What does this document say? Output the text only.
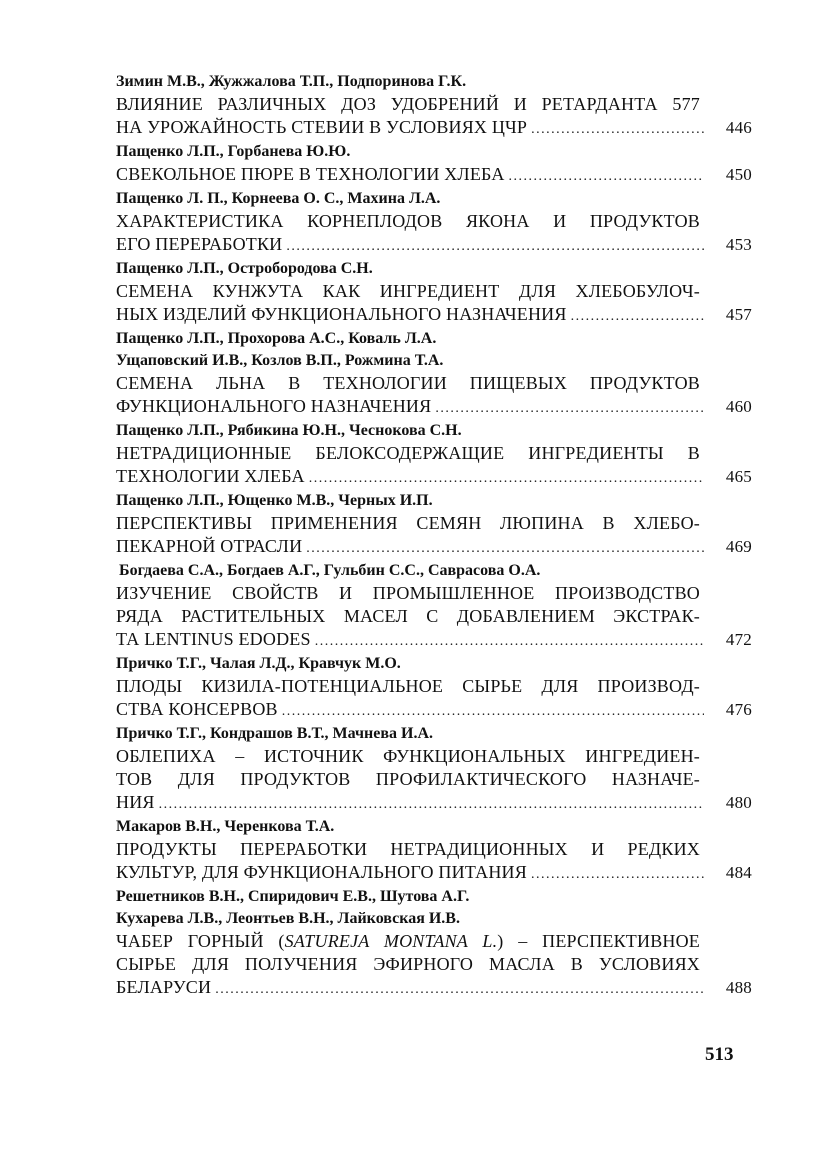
Зимин М.В., Жужжалова Т.П., Подпоринова Г.К.
ВЛИЯНИЕ РАЗЛИЧНЫХ ДОЗ УДОБРЕНИЙ И РЕТАРДАНТА 577
НА УРОЖАЙНОСТЬ СТЕВИИ В УСЛОВИЯХ ЦЧР .....	446
Пащенко Л.П., Горбанева Ю.Ю.
СВЕКОЛЬНОЕ ПЮРЕ В ТЕХНОЛОГИИ ХЛЕБА .....	450
Пащенко Л. П., Корнеева О. С., Махина Л.А.
ХАРАКТЕРИСТИКА КОРНЕПЛОДОВ ЯКОНА И ПРОДУКТОВ
ЕГО ПЕРЕРАБОТКИ .....	453
Пащенко Л.П., Остробородова С.Н.
СЕМЕНА КУНЖУТА КАК ИНГРЕДИЕНТ ДЛЯ ХЛЕБОБУЛОЧ-
НЫХ ИЗДЕЛИЙ ФУНКЦИОНАЛЬНОГО НАЗНАЧЕНИЯ .....	457
Пащенко Л.П., Прохорова А.С., Коваль Л.А.
Ущаповский И.В., Козлов В.П., Рожмина Т.А.
СЕМЕНА ЛЬНА В ТЕХНОЛОГИИ ПИЩЕВЫХ ПРОДУКТОВ
ФУНКЦИОНАЛЬНОГО НАЗНАЧЕНИЯ .....	460
Пащенко Л.П., Рябикина Ю.Н., Чеснокова С.Н.
НЕТРАДИЦИОННЫЕ БЕЛОКСОДЕРЖАЩИЕ ИНГРЕДИЕНТЫ В
ТЕХНОЛОГИИ ХЛЕБА .....	465
Пащенко Л.П., Ющенко М.В., Черных И.П.
ПЕРСПЕКТИВЫ ПРИМЕНЕНИЯ СЕМЯН ЛЮПИНА В ХЛЕБО-
ПЕКАРНОЙ ОТРАСЛИ .....	469
Богдаева С.А., Богдаев А.Г., Гульбин С.С., Саврасова О.А.
ИЗУЧЕНИЕ СВОЙСТВ И ПРОМЫШЛЕННОЕ ПРОИЗВОДСТВО
РЯДА РАСТИТЕЛЬНЫХ МАСЕЛ С ДОБАВЛЕНИЕМ ЭКСТРАК-
ТА LENTINUS EDODES .....	472
Причко Т.Г., Чалая Л.Д., Кравчук М.О.
ПЛОДЫ КИЗИЛА-ПОТЕНЦИАЛЬНОЕ СЫРЬЕ ДЛЯ ПРОИЗВОД-
СТВА КОНСЕРВОВ .....	476
Причко Т.Г., Кондрашов В.Т., Мачнева И.А.
ОБЛЕПИХА – ИСТОЧНИК ФУНКЦИОНАЛЬНЫХ ИНГРЕДИЕН-
ТОВ ДЛЯ ПРОДУКТОВ ПРОФИЛАКТИЧЕСКОГО НАЗНАЧЕ-
НИЯ .....	480
Макаров В.Н., Черенкова Т.А.
ПРОДУКТЫ ПЕРЕРАБОТКИ НЕТРАДИЦИОННЫХ И РЕДКИХ
КУЛЬТУР, ДЛЯ ФУНКЦИОНАЛЬНОГО ПИТАНИЯ .....	484
Решетников В.Н., Спиридович Е.В., Шутова А.Г.
Кухарева Л.В., Леонтьев В.Н., Лайковская И.В.
ЧАБЕР ГОРНЫЙ (SATUREJA MONTANA L.) – ПЕРСПЕКТИВНОЕ
СЫРЬЕ ДЛЯ ПОЛУЧЕНИЯ ЭФИРНОГО МАСЛА В УСЛОВИЯХ
БЕЛАРУСИ .....	488
513
